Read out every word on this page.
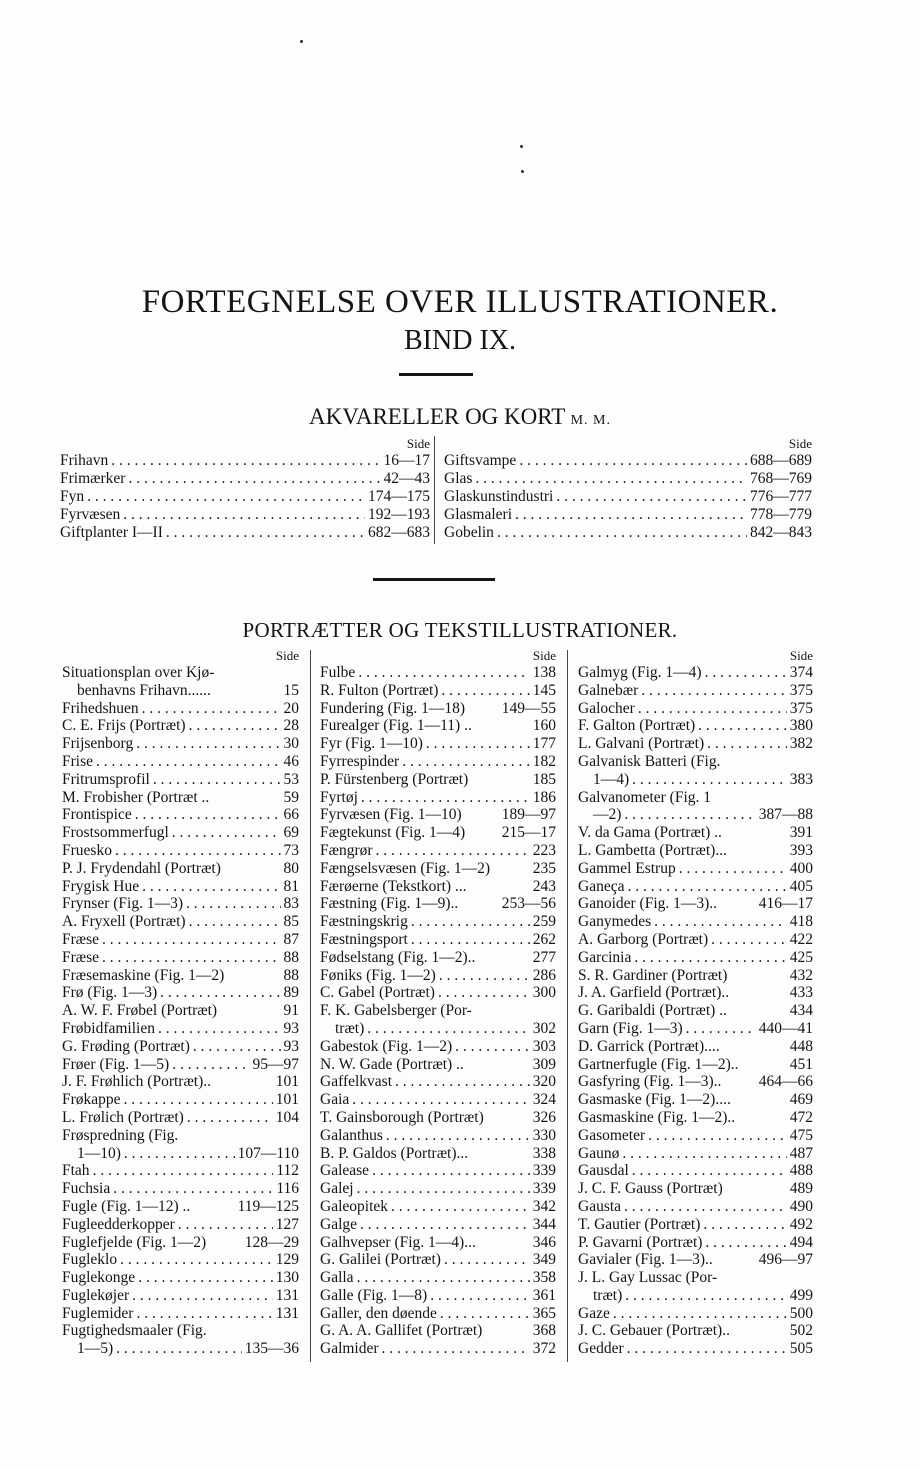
FORTEGNELSE OVER ILLUSTRATIONER.
BIND IX.
AKVARELLER OG KORT M. M.
Side
Frihavn . . .	16—17
Frimærker . . .	42—43
Fyn . . .	174—175
Fyrvæsen . . .	192—193
Giftplanter I—II . . .	682—683
Side
Giftsvampe . . .	688—689
Glas . . .	768—769
Glaskunstindustri . . .	776—777
Glasmaleri . . .	778—779
Gobelin . . .	842—843
PORTRÆTTER OG TEKSTILLUSTRATIONER.
Side
Situationsplan over Kjø-
benhavns Frihavn......	15
Frihedshuen . . .	20
C. E. Frijs (Portræt) . . .	28
Frijsenborg . . .	30
Frise . . .	46
Fritrumsprofil . . .	53
M. Frobisher (Portræt ..	59
Frontispice . . .	66
Frostsommerfugl . . .	69
Fruesko . . .	73
P. J. Frydendahl (Portræt)	80
Frygisk Hue . . .	81
Frynser (Fig. 1—3) . . .	83
A. Fryxell (Portræt) . . .	85
Fræse . . .	87
Fræse . . .	88
Fræsemaskine (Fig. 1—2)	88
Frø (Fig. 1—3) . . .	89
A. W. F. Frøbel (Portræt)	91
Frøbidfamilien . . .	93
G. Frøding (Portræt) . . .	93
Frøer (Fig. 1—5) . . .	95—97
J. F. Frøhlich (Portræt)..	101
Frøkappe . . .	101
L. Frølich (Portræt) . . .	104
Frøspredning (Fig.
1—10) . . .	107—110
Ftah . . .	112
Fuchsia . . .	116
Fugle (Fig. 1—12) ..	119—125
Fugleedderkopper . . .	127
Fuglefjelde (Fig. 1—2) 128—29
Fugleklo . . .	129
Fuglekonge . . .	130
Fuglekøjer . . .	131
Fuglemider . . .	131
Fugtighedsmaaler (Fig.
1—5) . . .	135—36
Side
Fulbe . . .	138
R. Fulton (Portræt) . . .	145
Fundering (Fig. 1—18) 149—55
Furealger (Fig. 1—11) ..	160
Fyr (Fig. 1—10) . . .	177
Fyrrespinder . . .	182
P. Fürstenberg (Portræt)	185
Fyrtøj . . .	186
Fyrvæsen (Fig. 1—10)	189—97
Fægtekunst (Fig. 1—4) 215—17
Fængrør . . .	223
Fængselsvæsen (Fig. 1—2)	235
Færøerne (Tekstkort) ...	243
Fæstning (Fig. 1—9)..	253—56
Fæstningskrig . . .	259
Fæstningsport . . .	262
Fødselstang (Fig. 1—2)..	277
Føniks (Fig. 1—2) . . .	286
C. Gabel (Portræt) . . .	300
F. K. Gabelsberger (Por-
træt) . . .	302
Gabestok (Fig. 1—2) . . .	303
N. W. Gade (Portræt) ..	309
Gaffelkvast . . .	320
Gaia . . .	324
T. Gainsborough (Portræt)	326
Galanthus . . .	330
B. P. Galdos (Portræt)...	338
Galease . . .	339
Galej . . .	339
Galeopitek . . .	342
Galge . . .	344
Galhvepser (Fig. 1—4)...	346
G. Galilei (Portræt) . . .	349
Galla . . .	358
Galle (Fig. 1—8) . . .	361
Galler, den døende . . .	365
G. A. A. Gallifet (Portræt)	368
Galmider . . .	372
Side
Galmyg (Fig. 1—4) . . .	374
Galnebær . . .	375
Galocher . . .	375
F. Galton (Portræt) . . .	380
L. Galvani (Portræt) . . .	382
Galvanisk Batteri (Fig.
1—4) . . .	383
Galvanometer (Fig. 1
—2) . . .	387—88
V. da Gama (Portræt) ..	391
L. Gambetta (Portræt)...	393
Gammel Estrup . . .	400
Ganeça . . .	405
Ganoider (Fig. 1—3)..	416—17
Ganymedes . . .	418
A. Garborg (Portræt) . . .	422
Garcinia . . .	425
S. R. Gardiner (Portræt)	432
J. A. Garfield (Portræt)..	433
G. Garibaldi (Portræt) ..	434
Garn (Fig. 1—3) . . .	440—41
D. Garrick (Portræt)....	448
Gartnerfugle (Fig. 1—2)..	451
Gasfyring (Fig. 1—3).. 464—66
Gasmaske (Fig. 1—2)....	469
Gasmaskine (Fig. 1—2)..	472
Gasometer . . .	475
Gaunø . . .	487
Gausdal . . .	488
J. C. F. Gauss (Portræt)	489
Gausta . . .	490
T. Gautier (Portræt) . . .	492
P. Gavarni (Portræt) . . .	494
Gavialer (Fig. 1—3)..	496—97
J. L. Gay Lussac (Por-
træt) . . .	499
Gaze . . .	500
J. C. Gebauer (Portræt)..	502
Gedder . . .	505
